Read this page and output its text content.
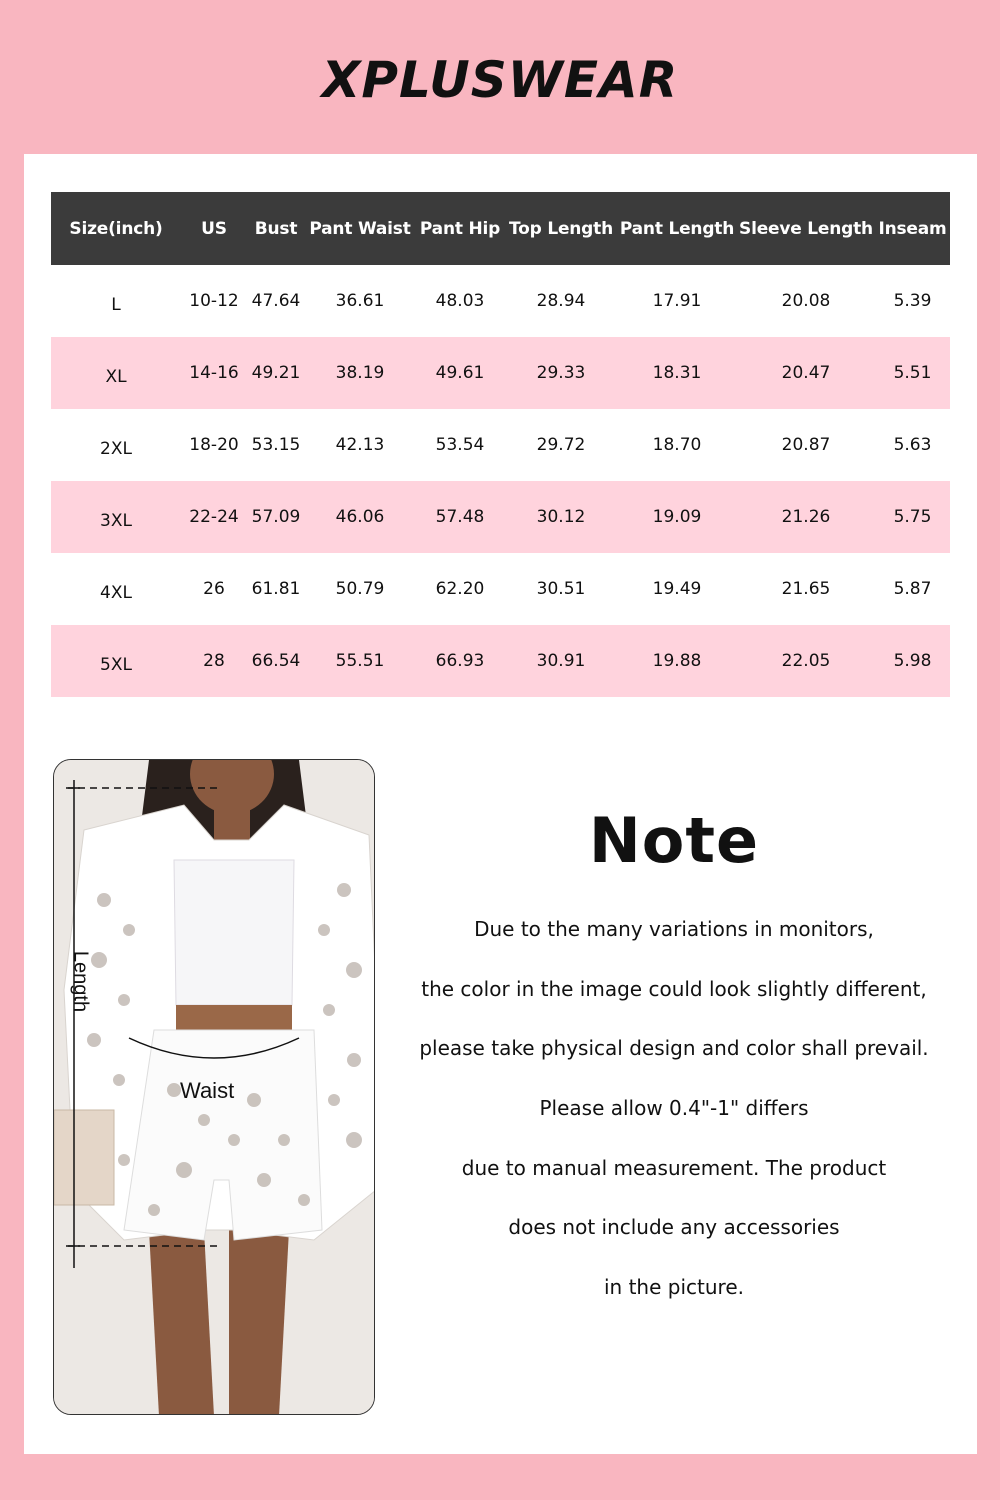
XPLUSWEAR
Size(inch)	US	Bust	Pant Waist	Pant Hip	Top Length	Pant Length	Sleeve Length	Inseam
L	10-12	47.64	36.61	48.03	28.94	17.91	20.08	5.39
XL	14-16	49.21	38.19	49.61	29.33	18.31	20.47	5.51
2XL	18-20	53.15	42.13	53.54	29.72	18.70	20.87	5.63
3XL	22-24	57.09	46.06	57.48	30.12	19.09	21.26	5.75
4XL	26	61.81	50.79	62.20	30.51	19.49	21.65	5.87
5XL	28	66.54	55.51	66.93	30.91	19.88	22.05	5.98
Length
Waist
Note
Due to the many variations in monitors,
the color in the image could look slightly different,
please take physical design and color shall prevail.
Please allow 0.4"-1" differs
due to manual measurement. The product
does not include any accessories
in the picture.
